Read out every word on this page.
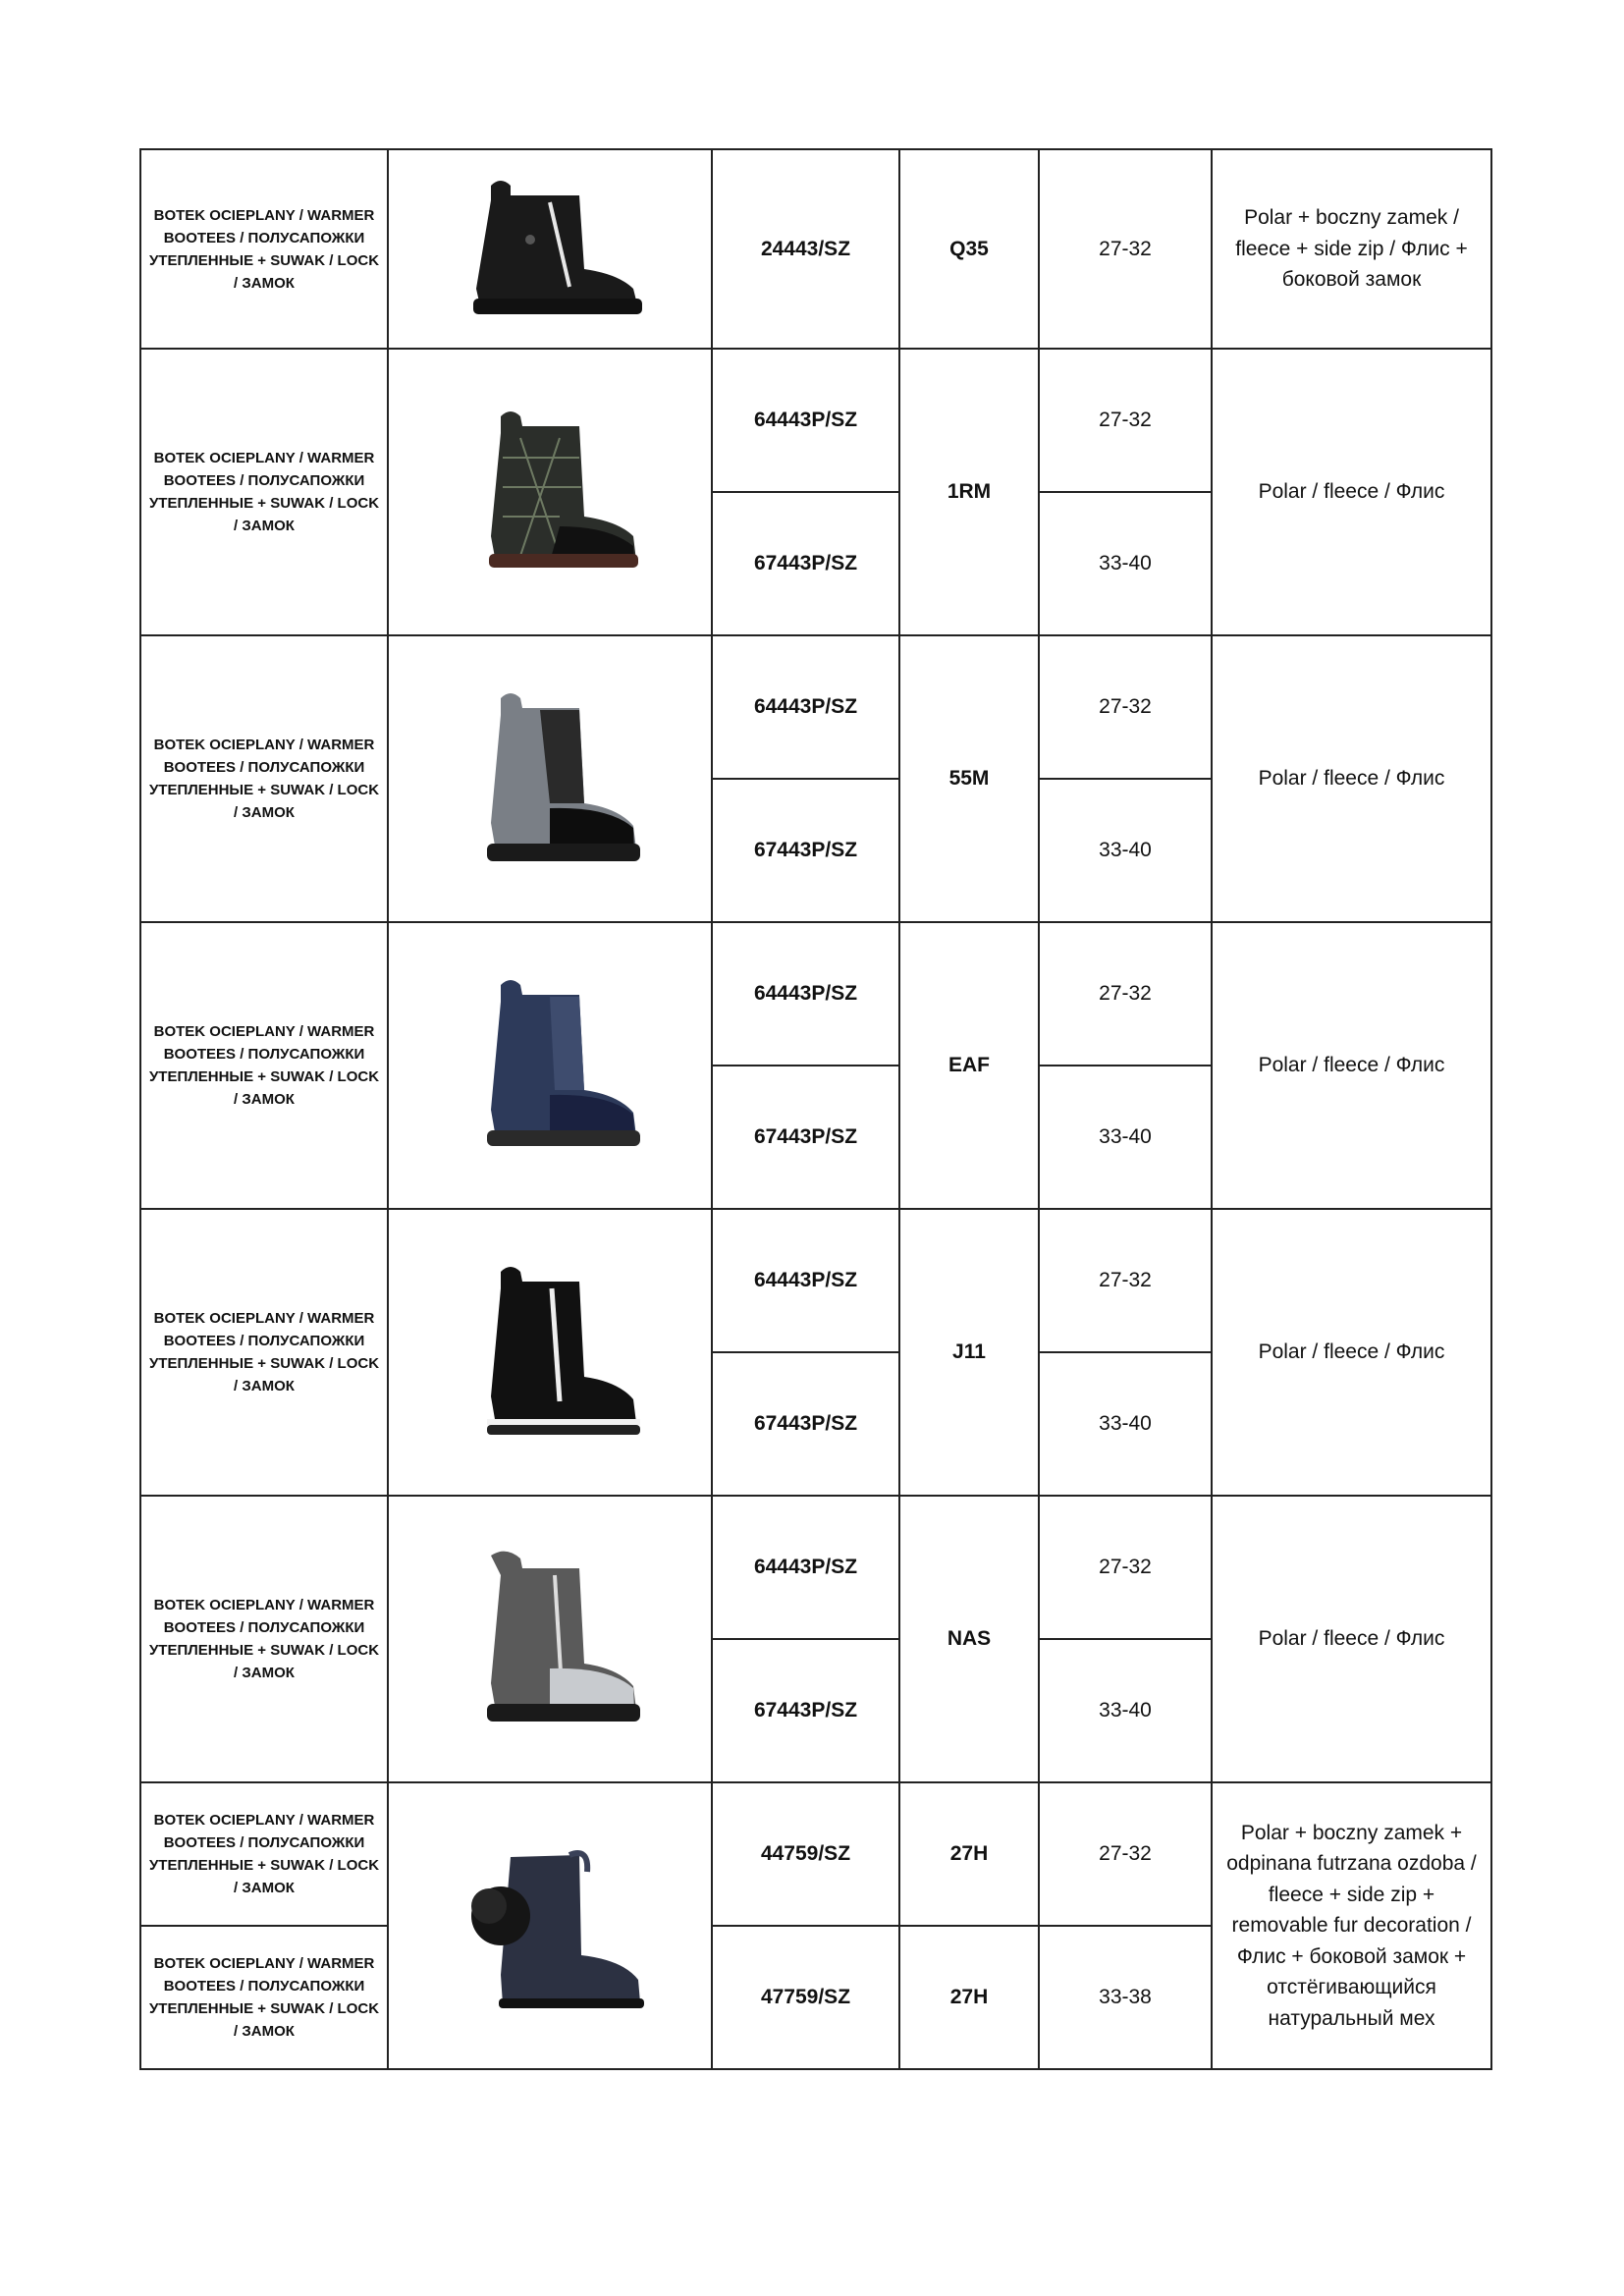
BOTEK OCIEPLANY / WARMER BOOTEES / ПОЛУСАПОЖКИ УТЕПЛЕННЫЕ + SUWAK / LOCK / ЗАМОК		24443/SZ	Q35	27-32	Polar + boczny zamek / fleece + side zip / Флис + боковой замок
BOTEK OCIEPLANY / WARMER BOOTEES / ПОЛУСАПОЖКИ УТЕПЛЕННЫЕ + SUWAK / LOCK / ЗАМОК		64443P/SZ	1RM	27-32	Polar / fleece / Флис
		67443P/SZ		33-40	
BOTEK OCIEPLANY / WARMER BOOTEES / ПОЛУСАПОЖКИ УТЕПЛЕННЫЕ + SUWAK / LOCK / ЗАМОК		64443P/SZ	55M	27-32	Polar / fleece / Флис
		67443P/SZ		33-40	
BOTEK OCIEPLANY / WARMER BOOTEES / ПОЛУСАПОЖКИ УТЕПЛЕННЫЕ + SUWAK / LOCK / ЗАМОК		64443P/SZ	EAF	27-32	Polar / fleece / Флис
		67443P/SZ		33-40	
BOTEK OCIEPLANY / WARMER BOOTEES / ПОЛУСАПОЖКИ УТЕПЛЕННЫЕ + SUWAK / LOCK / ЗАМОК		64443P/SZ	J11	27-32	Polar / fleece / Флис
		67443P/SZ		33-40	
BOTEK OCIEPLANY / WARMER BOOTEES / ПОЛУСАПОЖКИ УТЕПЛЕННЫЕ + SUWAK / LOCK / ЗАМОК		64443P/SZ	NAS	27-32	Polar / fleece / Флис
		67443P/SZ		33-40	
BOTEK OCIEPLANY / WARMER BOOTEES / ПОЛУСАПОЖКИ УТЕПЛЕННЫЕ + SUWAK / LOCK / ЗАМОК		44759/SZ	27H	27-32	Polar + boczny zamek + odpinana futrzana ozdoba / fleece + side zip + removable fur decoration / Флис + боковой замок + отстёгивающийся натуральный мех
BOTEK OCIEPLANY / WARMER BOOTEES / ПОЛУСАПОЖКИ УТЕПЛЕННЫЕ + SUWAK / LOCK / ЗАМОК		47759/SZ	27H	33-38	
